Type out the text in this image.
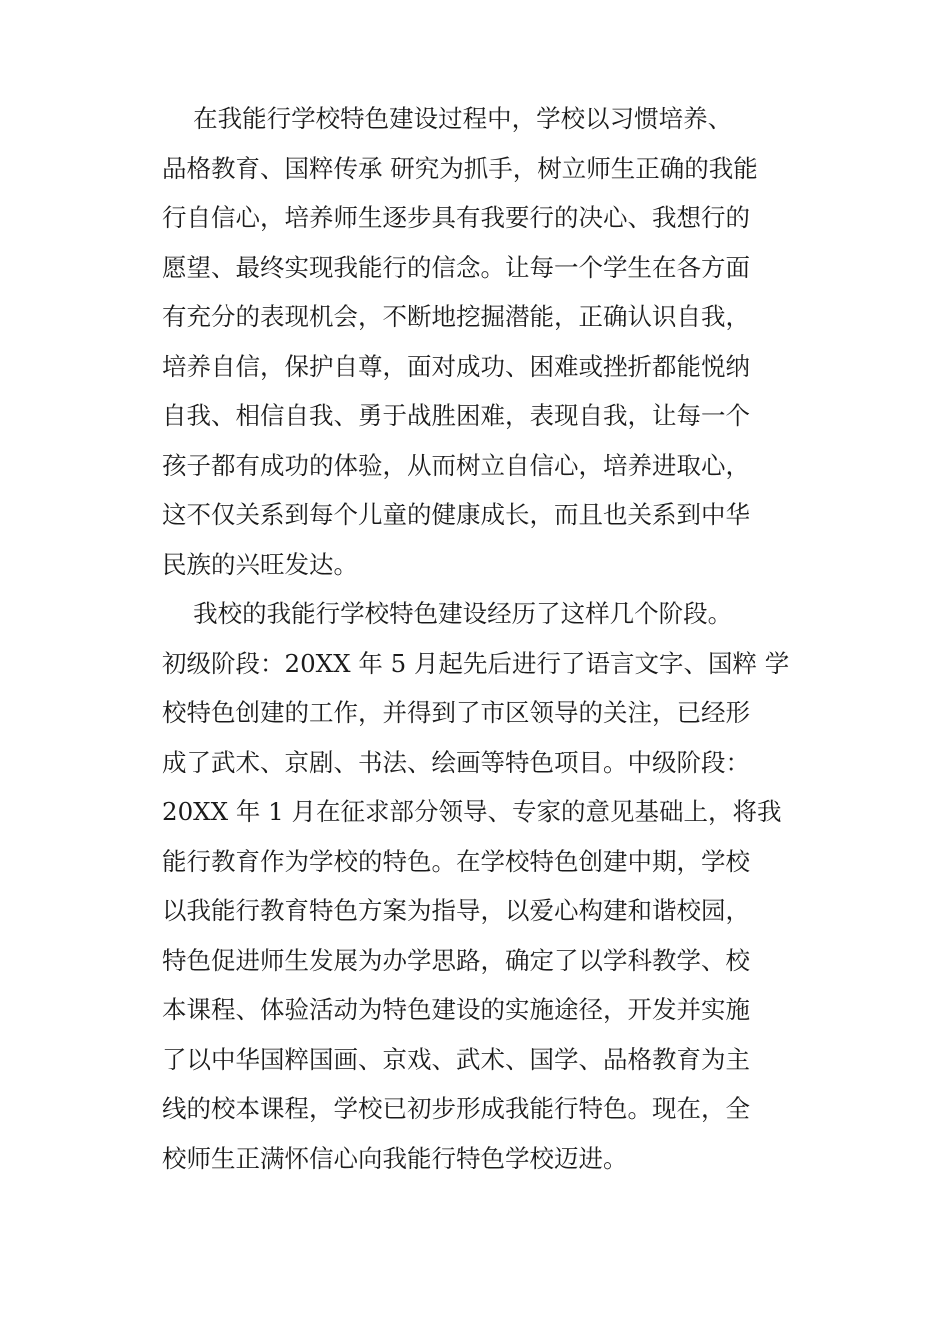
在我能行学校特色建设过程中，学校以习惯培养、
品格教育、国粹传承 研究为抓手，树立师生正确的我能
行自信心，培养师生逐步具有我要行的决心、我想行的
愿望、最终实现我能行的信念。让每一个学生在各方面
有充分的表现机会，不断地挖掘潜能，正确认识自我，
培养自信，保护自尊，面对成功、困难或挫折都能悦纳
自我、相信自我、勇于战胜困难，表现自我，让每一个
孩子都有成功的体验，从而树立自信心，培养进取心，
这不仅关系到每个儿童的健康成长，而且也关系到中华
民族的兴旺发达。
我校的我能行学校特色建设经历了这样几个阶段。
初级阶段：20XX 年 5 月起先后进行了语言文字、国粹 学
校特色创建的工作，并得到了市区领导的关注，已经形
成了武术、京剧、书法、绘画等特色项目。中级阶段：
20XX 年 1 月在征求部分领导、专家的意见基础上，将我
能行教育作为学校的特色。在学校特色创建中期，学校
以我能行教育特色方案为指导，以爱心构建和谐校园，
特色促进师生发展为办学思路，确定了以学科教学、校
本课程、体验活动为特色建设的实施途径，开发并实施
了以中华国粹国画、京戏、武术、国学、品格教育为主
线的校本课程，学校已初步形成我能行特色。现在，全
校师生正满怀信心向我能行特色学校迈进。
